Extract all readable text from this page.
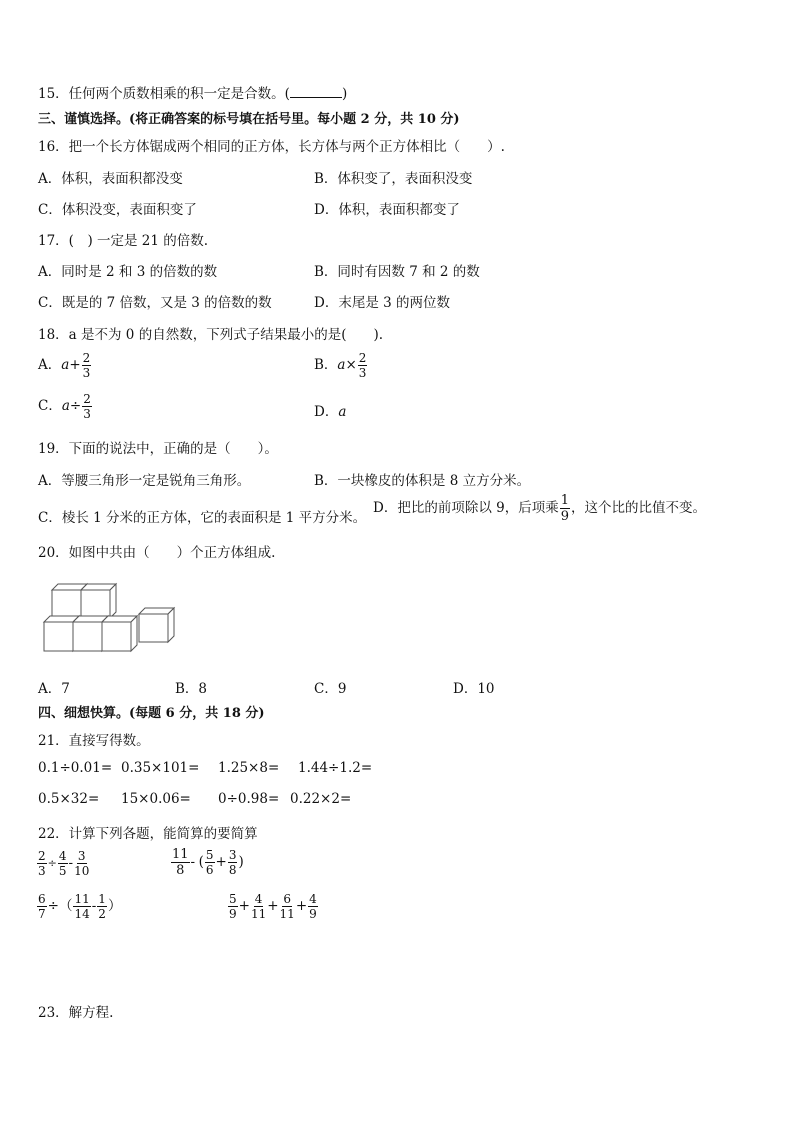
15．任何两个质数相乘的积一定是合数。(	)
三、谨慎选择。(将正确答案的标号填在括号里。每小题 2 分，共 10 分)
16．把一个长方体锯成两个相同的正方体，长方体与两个正方体相比（　　）.
A．体积，表面积都没变	B．体积变了，表面积没变
C．体积没变，表面积变了	D．体积，表面积都变了
17．(　) 一定是 21 的倍数.
A．同时是 2 和 3 的倍数的数	B．同时有因数 7 和 2 的数
C．既是的 7 倍数，又是 3 的倍数的数	D．末尾是 3 的两位数
18．a 是不为 0 的自然数，下列式子结果最小的是(　　).
A．$a+ \frac{2}{3}$	B．$a\times \frac{2}{3}$
C．$a\div \frac{2}{3}$	D．a
19．下面的说法中，正确的是（　　）。
A．等腰三角形一定是锐角三角形。	B．一块橡皮的体积是 8 立方分米。
C．棱长 1 分米的正方体，它的表面积是 1 平方分米。
D．把比的前项除以 9，后项乘 $\frac{1}{9}$ ，这个比的比值不变。
20．如图中共由（　　）个正方体组成.
A．7	B．8	C．9	D．10
四、细想快算。(每题 6 分，共 18 分)
21．直接写得数。
0.1÷0.01= 0.35×101= 1.25×8= 1.44÷1.2=
0.5×32= 15×0.06= 0÷0.98= 0.22×2=
22．计算下列各题，能简算的要简算
$\frac{2}{3} \div \frac{4}{5} - \frac{3}{10}$	$\frac{11}{8}$ - ( $\frac{5}{6} + \frac{3}{8}$ )
$\frac{6}{7}$ ÷（ $\frac{11}{14} - \frac{1}{2}$ ）	$\frac{5}{9} + \frac{4}{11} + \frac{6}{11} + \frac{4}{9}$
23．解方程.
